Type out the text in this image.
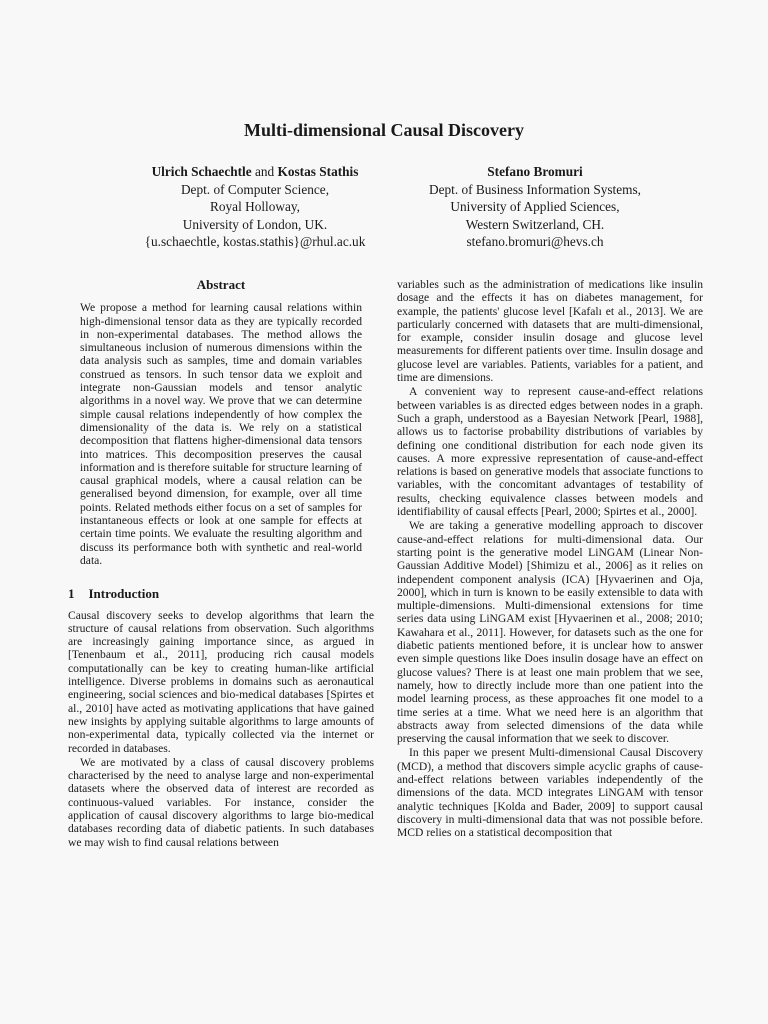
Multi-dimensional Causal Discovery
Ulrich Schaechtle and Kostas Stathis
Dept. of Computer Science,
Royal Holloway,
University of London, UK.
{u.schaechtle, kostas.stathis}@rhul.ac.uk
Stefano Bromuri
Dept. of Business Information Systems,
University of Applied Sciences,
Western Switzerland, CH.
stefano.bromuri@hevs.ch
Abstract

We propose a method for learning causal relations within high-dimensional tensor data as they are typically recorded in non-experimental databases. The method allows the simultaneous inclusion of numerous dimensions within the data analysis such as samples, time and domain variables construed as tensors. In such tensor data we exploit and integrate non-Gaussian models and tensor analytic algorithms in a novel way. We prove that we can determine simple causal relations independently of how complex the dimensionality of the data is. We rely on a statistical decomposition that flattens higher-dimensional data tensors into matrices. This decomposition preserves the causal information and is therefore suitable for structure learning of causal graphical models, where a causal relation can be generalised beyond dimension, for example, over all time points. Related methods either focus on a set of samples for instantaneous effects or look at one sample for effects at certain time points. We evaluate the resulting algorithm and discuss its performance both with synthetic and real-world data.

1 Introduction

Causal discovery seeks to develop algorithms that learn the structure of causal relations from observation. Such algorithms are increasingly gaining importance since, as argued in [Tenenbaum et al., 2011], producing rich causal models computationally can be key to creating human-like artificial intelligence. Diverse problems in domains such as aeronautical engineering, social sciences and bio-medical databases [Spirtes et al., 2010] have acted as motivating applications that have gained new insights by applying suitable algorithms to large amounts of non-experimental data, typically collected via the internet or recorded in databases.

We are motivated by a class of causal discovery problems characterised by the need to analyse large and non-experimental datasets where the observed data of interest are recorded as continuous-valued variables. For instance, consider the application of causal discovery algorithms to large bio-medical databases recording data of diabetic patients. In such databases we may wish to find causal relations between

variables such as the administration of medications like insulin dosage and the effects it has on diabetes management, for example, the patients' glucose level [Kafalı et al., 2013]. We are particularly concerned with datasets that are multi-dimensional, for example, consider insulin dosage and glucose level measurements for different patients over time. Insulin dosage and glucose level are variables. Patients, variables for a patient, and time are dimensions.

A convenient way to represent cause-and-effect relations between variables is as directed edges between nodes in a graph. Such a graph, understood as a Bayesian Network [Pearl, 1988], allows us to factorise probability distributions of variables by defining one conditional distribution for each node given its causes. A more expressive representation of cause-and-effect relations is based on generative models that associate functions to variables, with the concomitant advantages of testability of results, checking equivalence classes between models and identifiability of causal effects [Pearl, 2000; Spirtes et al., 2000].

We are taking a generative modelling approach to discover cause-and-effect relations for multi-dimensional data. Our starting point is the generative model LiNGAM (Linear Non-Gaussian Additive Model) [Shimizu et al., 2006] as it relies on independent component analysis (ICA) [Hyvaerinen and Oja, 2000], which in turn is known to be easily extensible to data with multiple-dimensions. Multi-dimensional extensions for time series data using LiNGAM exist [Hyvaerinen et al., 2008; 2010; Kawahara et al., 2011]. However, for datasets such as the one for diabetic patients mentioned before, it is unclear how to answer even simple questions like Does insulin dosage have an effect on glucose values? There is at least one main problem that we see, namely, how to directly include more than one patient into the model learning process, as these approaches fit one model to a time series at a time. What we need here is an algorithm that abstracts away from selected dimensions of the data while preserving the causal information that we seek to discover.

In this paper we present Multi-dimensional Causal Discovery (MCD), a method that discovers simple acyclic graphs of cause-and-effect relations between variables independently of the dimensions of the data. MCD integrates LiNGAM with tensor analytic techniques [Kolda and Bader, 2009] to support causal discovery in multi-dimensional data that was not possible before. MCD relies on a statistical decomposition that
